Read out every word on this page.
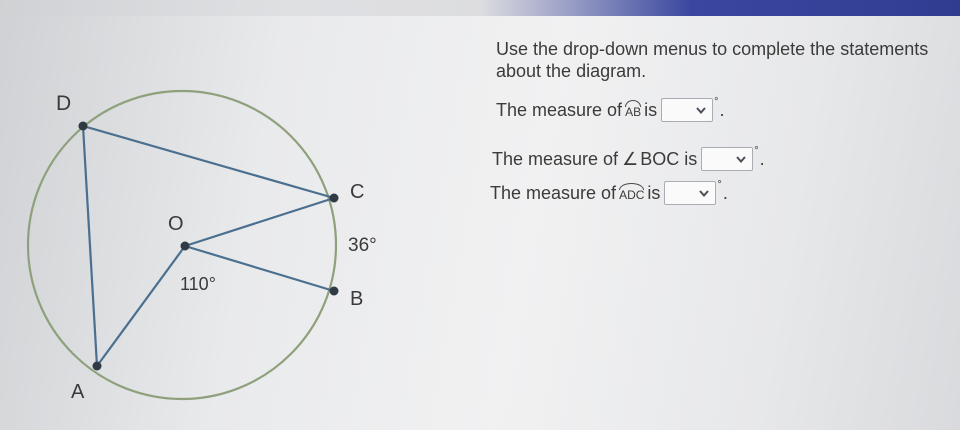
D
C
O
36°
110°
B
A
Use the drop-down menus to complete the statements
about the diagram.
The measure of AB is	° .
The measure of ∠ BOC is	° .
The measure of ADC is	° .
